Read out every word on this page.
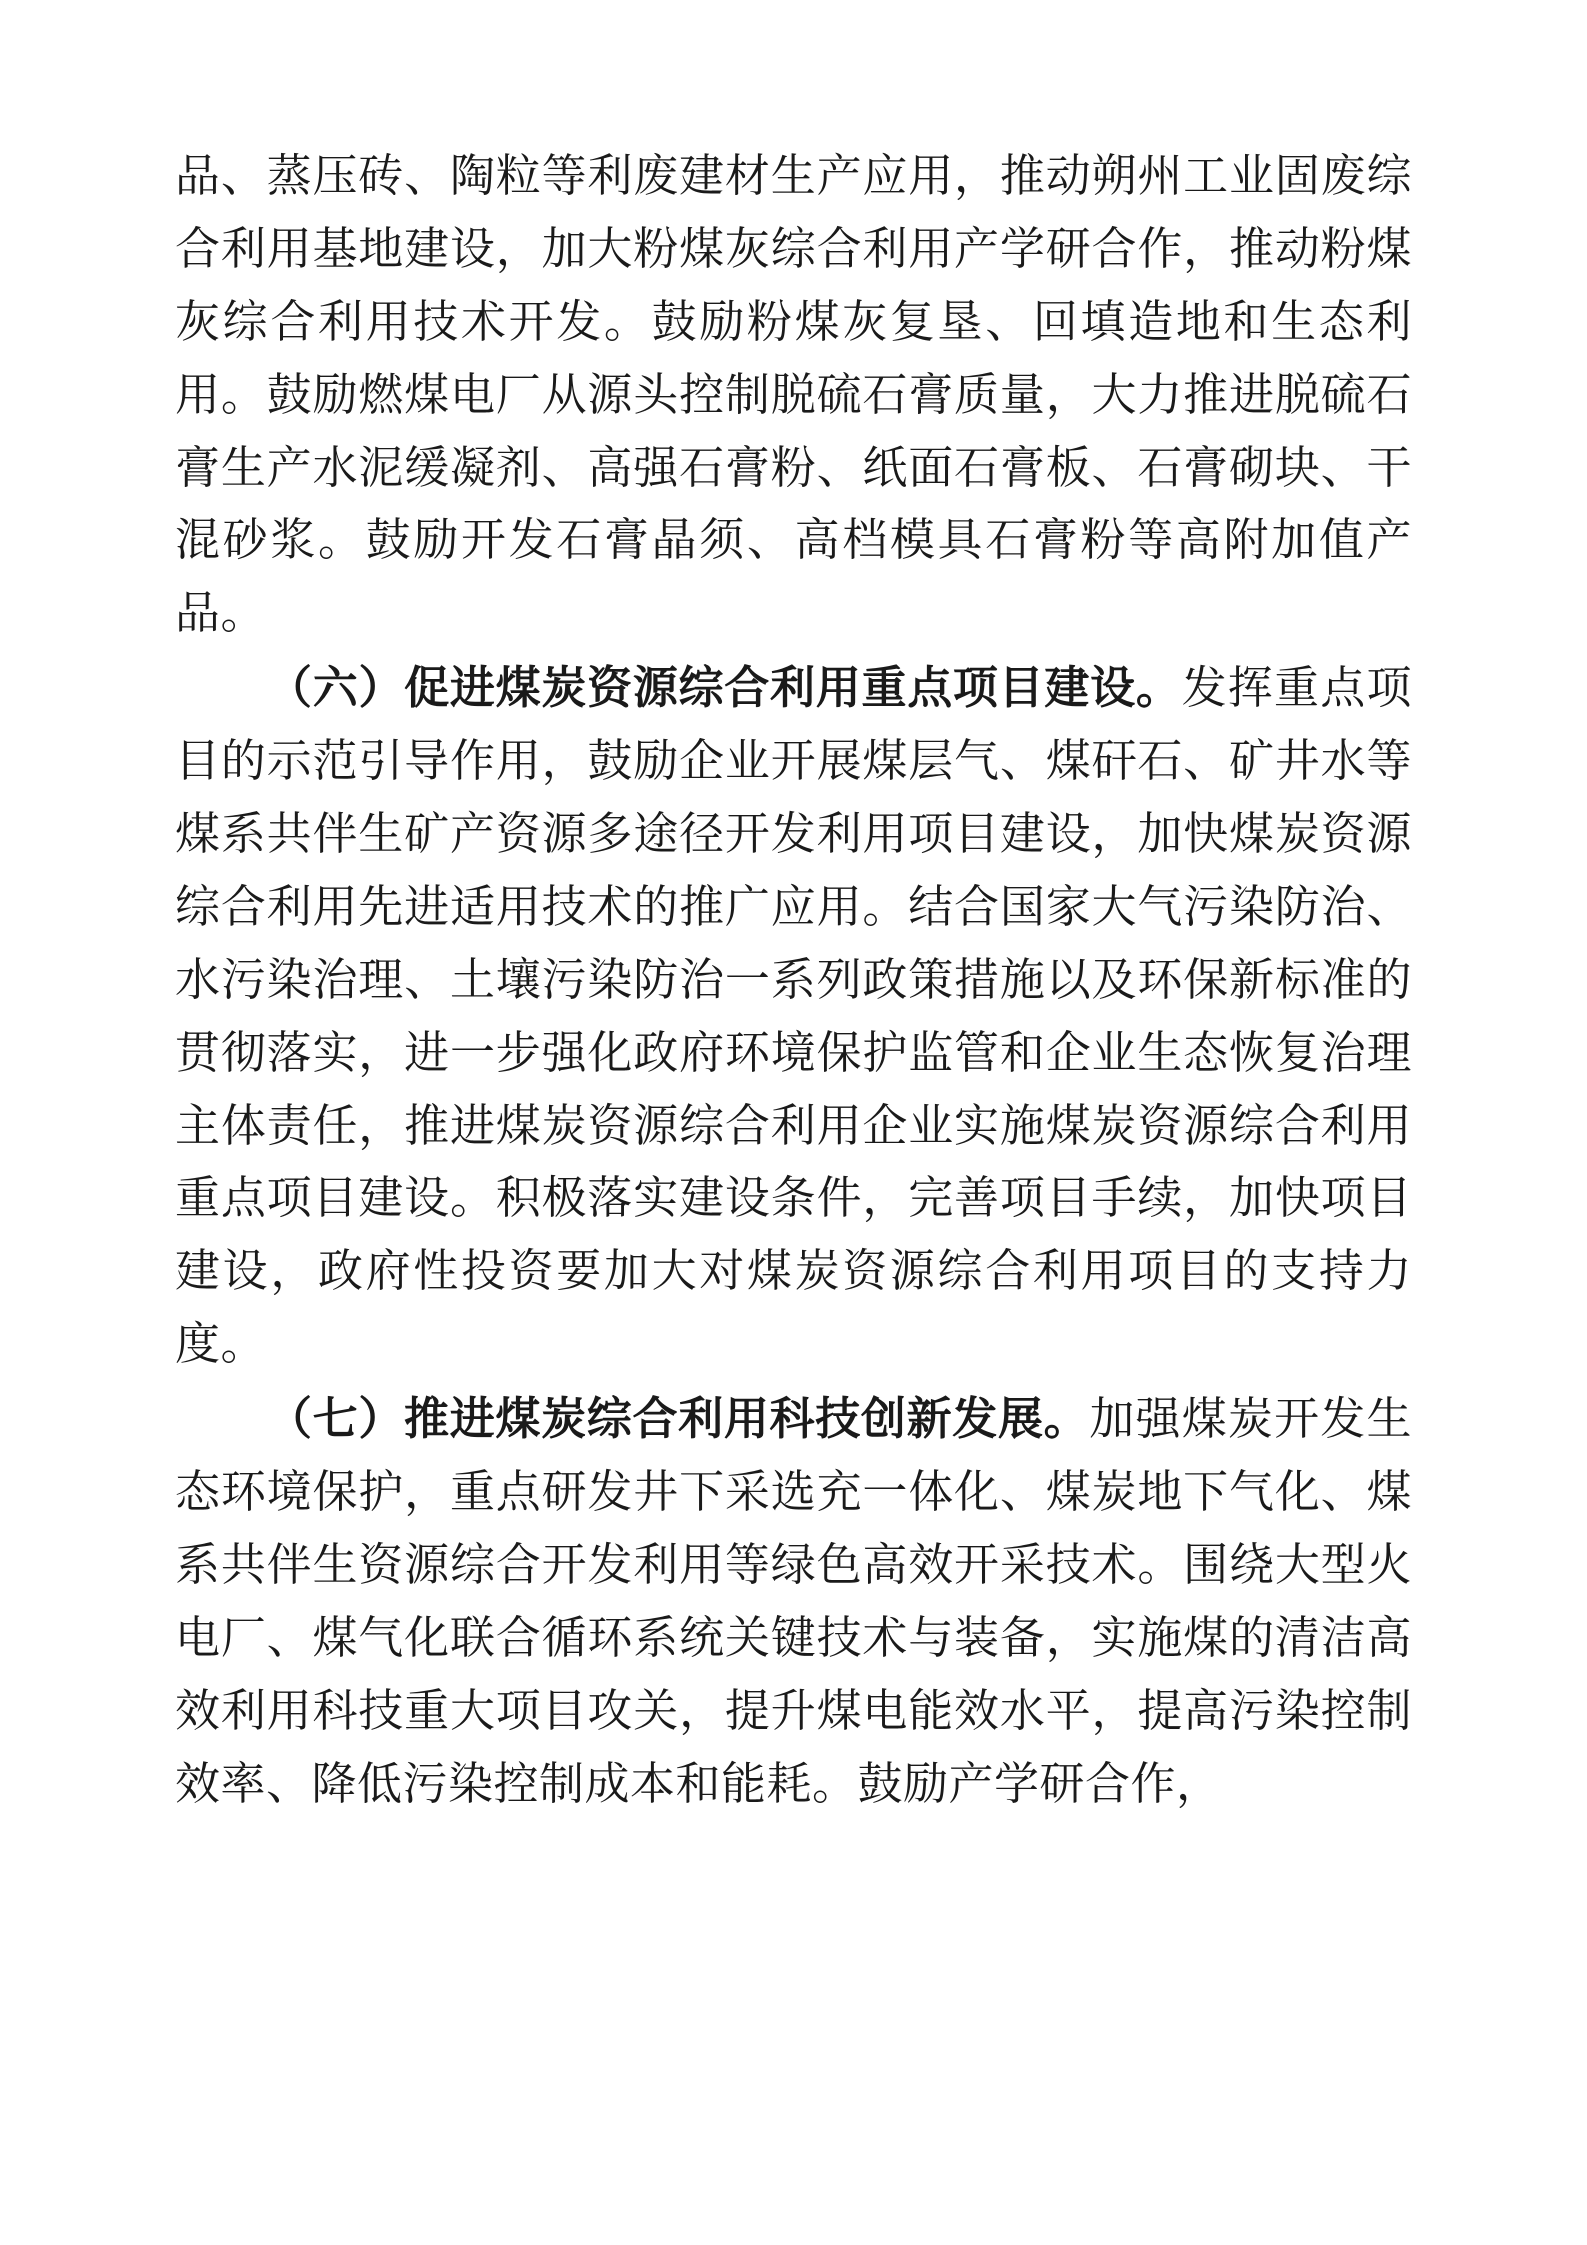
品、蒸压砖、陶粒等利废建材生产应用，推动朔州工业固废综合利用基地建设，加大粉煤灰综合利用产学研合作，推动粉煤灰综合利用技术开发。鼓励粉煤灰复垦、回填造地和生态利用。鼓励燃煤电厂从源头控制脱硫石膏质量，大力推进脱硫石膏生产水泥缓凝剂、高强石膏粉、纸面石膏板、石膏砌块、干混砂浆。鼓励开发石膏晶须、高档模具石膏粉等高附加值产品。

（六）促进煤炭资源综合利用重点项目建设。发挥重点项目的示范引导作用，鼓励企业开展煤层气、煤矸石、矿井水等煤系共伴生矿产资源多途径开发利用项目建设，加快煤炭资源综合利用先进适用技术的推广应用。结合国家大气污染防治、水污染治理、土壤污染防治一系列政策措施以及环保新标准的贯彻落实，进一步强化政府环境保护监管和企业生态恢复治理主体责任，推进煤炭资源综合利用企业实施煤炭资源综合利用重点项目建设。积极落实建设条件，完善项目手续，加快项目建设，政府性投资要加大对煤炭资源综合利用项目的支持力度。

（七）推进煤炭综合利用科技创新发展。加强煤炭开发生态环境保护，重点研发井下采选充一体化、煤炭地下气化、煤系共伴生资源综合开发利用等绿色高效开采技术。围绕大型火电厂、煤气化联合循环系统关键技术与装备，实施煤的清洁高效利用科技重大项目攻关，提升煤电能效水平，提高污染控制效率、降低污染控制成本和能耗。鼓励产学研合作，
